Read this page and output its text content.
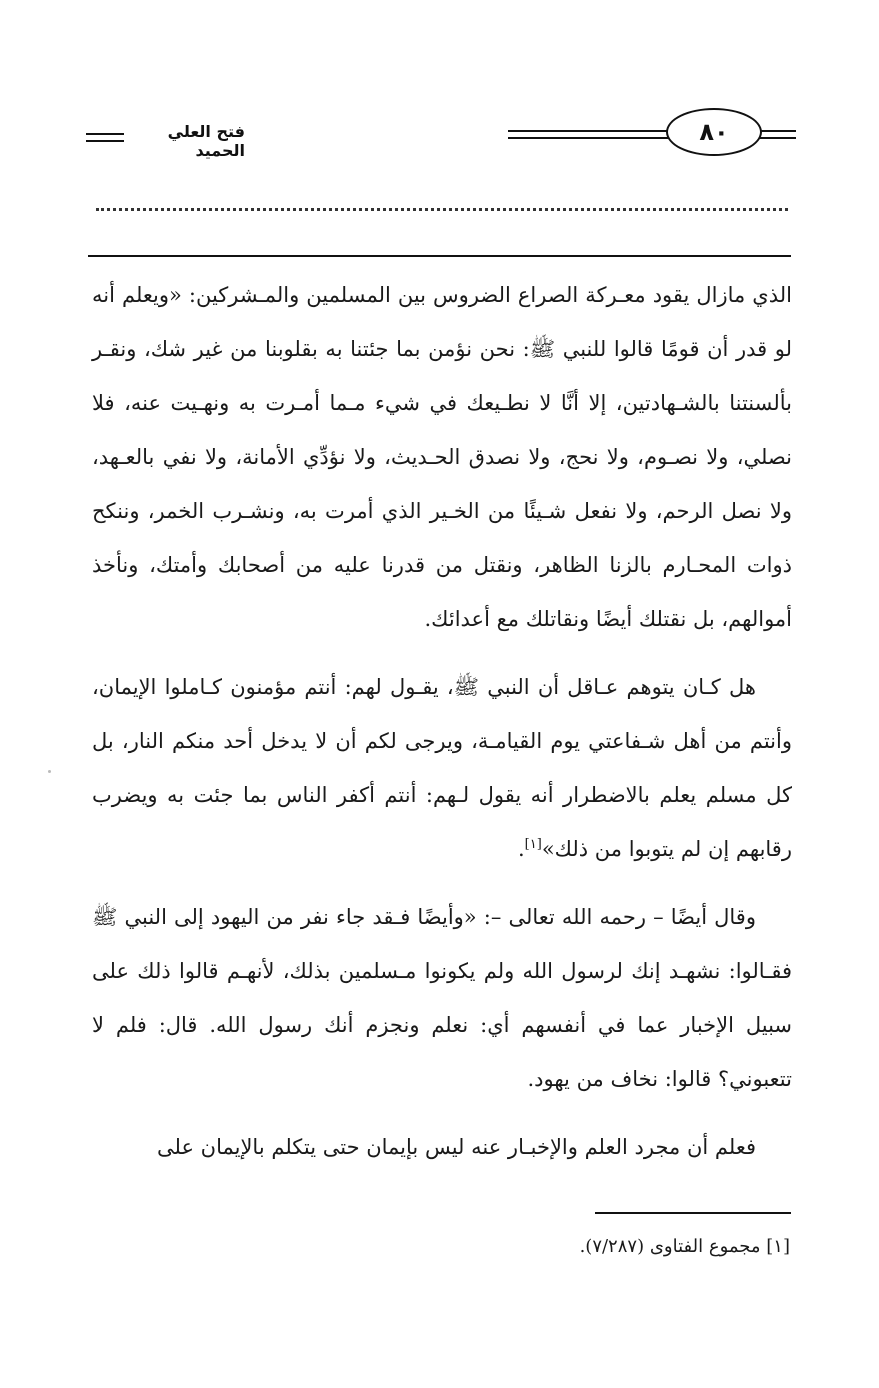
فتح العلي الحميد
٨٠

الذي مازال يقود معـركة الصراع الضروس بين المسلمين والمـشركين: «ويعلم أنه لو قدر أن قومًا قالوا للنبي ﷺ: نحن نؤمن بما جئتنا به بقلوبنا من غير شك، ونقـر بألسنتنا بالشـهادتين، إلا أنَّا لا نطـيعك في شيء مـما أمـرت به ونهـيت عنه، فلا نصلي، ولا نصـوم، ولا نحج، ولا نصدق الحـديث، ولا نؤدِّي الأمانة، ولا نفي بالعـهد، ولا نصل الرحم، ولا نفعل شـيئًا من الخـير الذي أمرت به، ونشـرب الخمر، وننكح ذوات المحـارم بالزنا الظاهر، ونقتل من قدرنا عليه من أصحابك وأمتك، ونأخذ أموالهم، بل نقتلك أيضًا ونقاتلك مع أعدائك.

هل كـان يتوهم عـاقل أن النبي ﷺ، يقـول لهم: أنتم مؤمنون كـاملوا الإيمان، وأنتم من أهل شـفاعتي يوم القيامـة، ويرجى لكم أن لا يدخل أحد منكم النار، بل كل مسلم يعلم بالاضطرار أنه يقول لـهم: أنتم أكفر الناس بما جئت به ويضرب رقابهم إن لم يتوبوا من ذلك»[١].

وقال أيضًا – رحمه الله تعالى –: «وأيضًا فـقد جاء نفر من اليهود إلى النبي ﷺ فقـالوا: نشهـد إنك لرسول الله ولم يكونوا مـسلمين بذلك، لأنهـم قالوا ذلك على سبيل الإخبار عما في أنفسهم أي: نعلم ونجزم أنك رسول الله. قال: فلم لا تتعبوني؟ قالوا: نخاف من يهود.

فعلم أن مجرد العلم والإخبـار عنه ليس بإيمان حتى يتكلم بالإيمان على

[١] مجموع الفتاوى (٧/٢٨٧).
